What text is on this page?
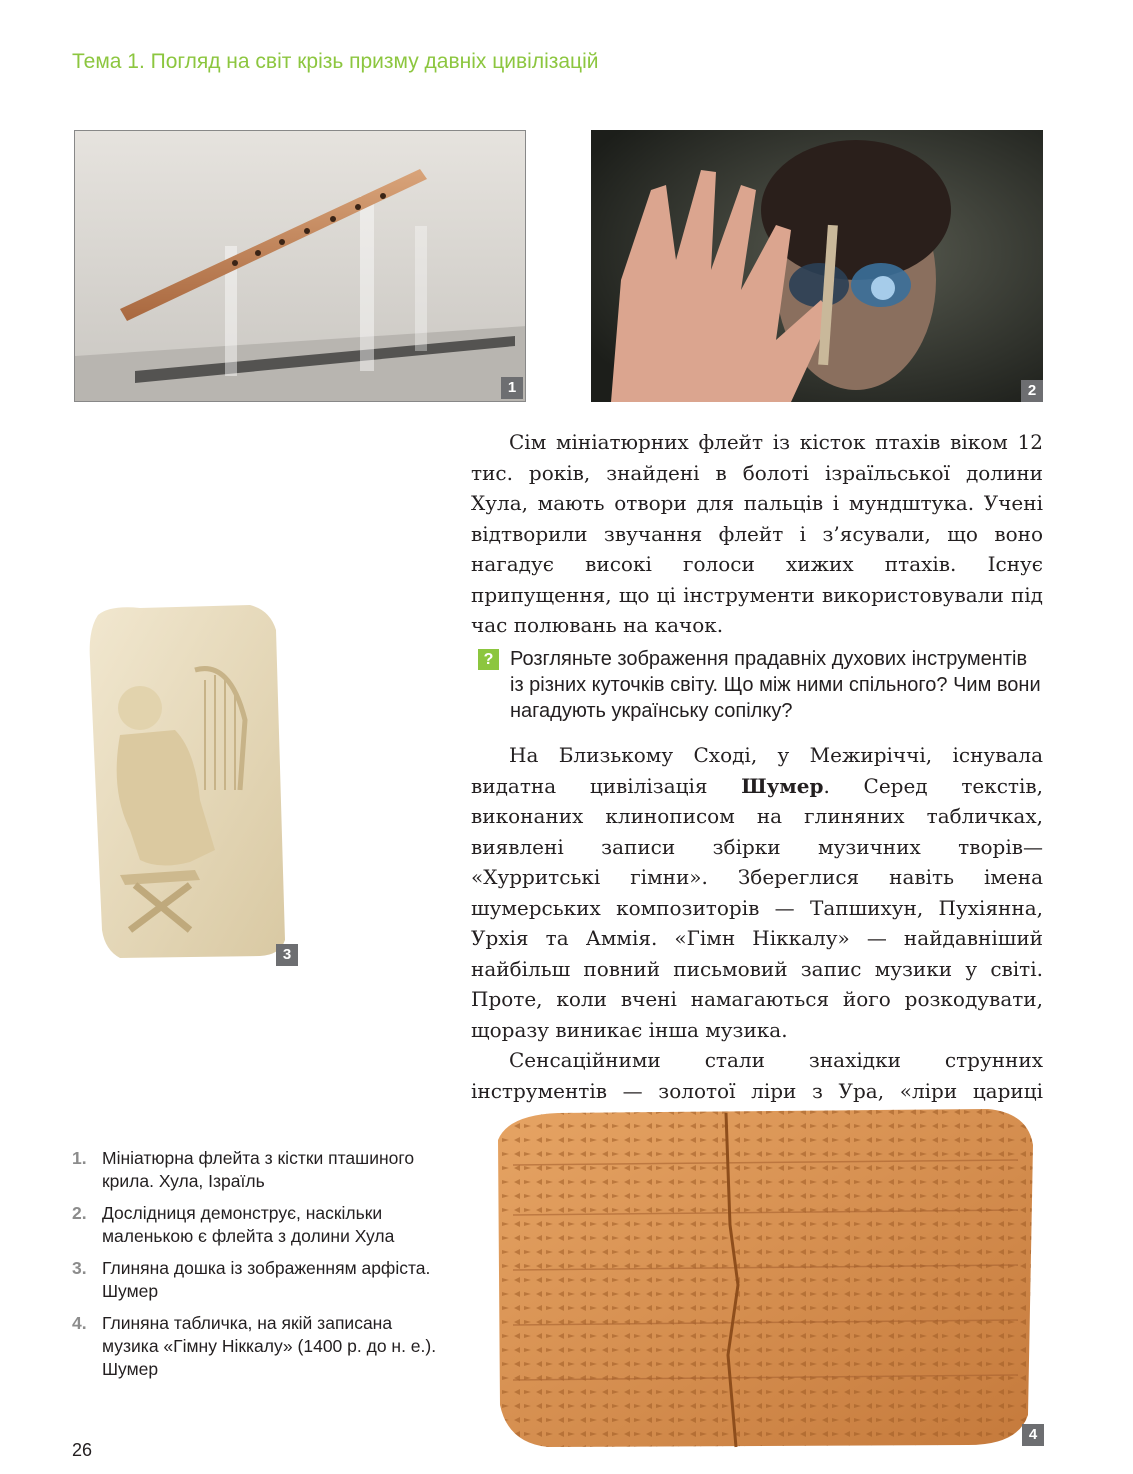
Тема 1. Погляд на світ крізь призму давніх цивілізацій
1	2
3
4

Сім мініатюрних флейт із кісток птахів віком 12 тис. років, знайдені в болоті ізраїльської долини Хула, мають отвори для пальців і мундштука. Учені відтворили звучання флейт і з’ясували, що воно нагадує високі голоси хижих птахів. Існує припущення, що ці інструменти використовували під час полювань на качок.

? Розгляньте зображення прадавніх духових інструментів із різних куточків світу. Що між ними спільного? Чим вони нагадують українську сопілку?

На Близькому Сході, у Межиріччі, існувала видатна цивілізація Шумер. Серед текстів, виконаних клинописом на глиняних табличках, виявлені записи збірки музичних творів— «Хурритські гімни». Збереглися навіть імена шумерських композиторів — Тапшихун, Пухіянна, Урхія та Аммія. «Гімн Ніккалу» — найдавніший найбільш повний письмовий запис музики у світі. Проте, коли вчені намагаються його розкодувати, щоразу виникає інша музика.

Сенсаційними стали знахідки струнних інструментів — золотої ліри з Ура, «ліри цариці

1. Мініатюрна флейта з кістки пташиного крила. Хула, Ізраїль
2. Дослідниця демонструє, наскільки маленькою є флейта з долини Хула
3. Глиняна дошка із зображенням арфіста. Шумер
4. Глиняна табличка, на якій записана музика «Гімну Ніккалу» (1400 р. до н. е.). Шумер
26
